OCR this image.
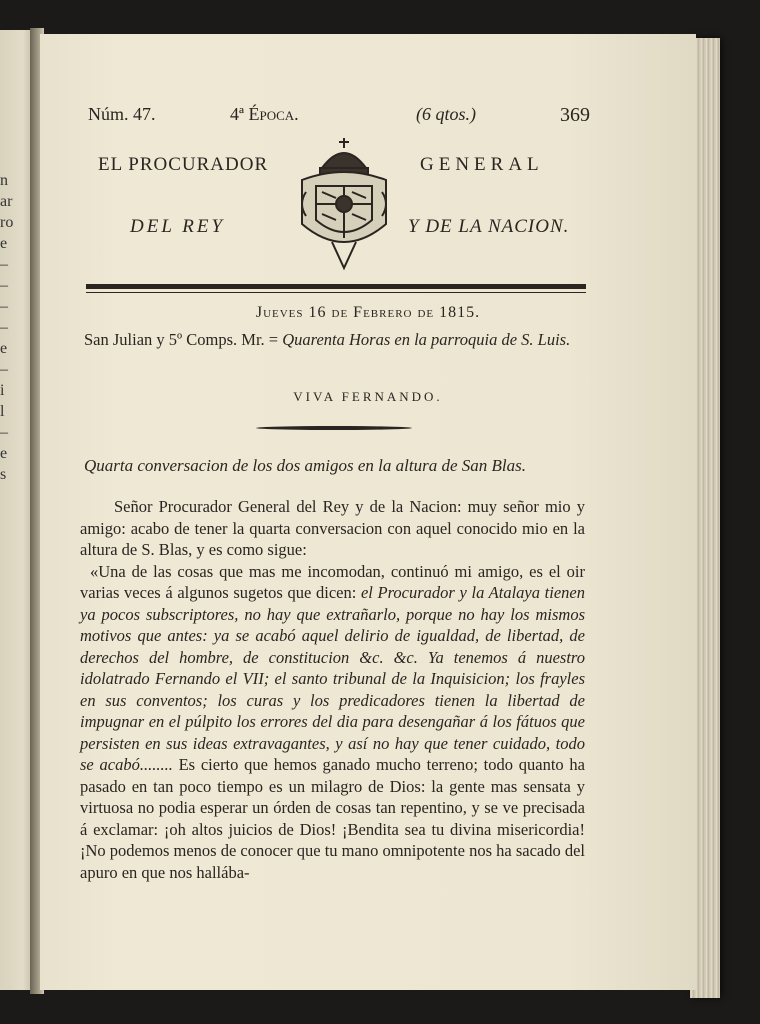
n
ar
ro
e
–
–
–
–
e
–
i
l
–
e
s
Núm. 47.	4ª Época.	(6 qtos.)	369
EL PROCURADOR	GENERAL
DEL REY	Y DE LA NACION.
Jueves 16 de Febrero de 1815.
San Julian y 5º Comps. Mr. = Quarenta Horas en la parroquia de S. Luis.
VIVA FERNANDO.
Quarta conversacion de los dos amigos en la altura de San Blas.

Señor Procurador General del Rey y de la Nacion: muy señor mio y amigo: acabo de tener la quarta conversacion con aquel conocido mio en la altura de S. Blas, y es como sigue:

«Una de las cosas que mas me incomodan, continuó mi amigo, es el oir varias veces á algunos sugetos que dicen: el Procurador y la Atalaya tienen ya pocos subscriptores, no hay que extrañarlo, porque no hay los mismos motivos que antes: ya se acabó aquel delirio de igualdad, de libertad, de derechos del hombre, de constitucion &c. &c. Ya tenemos á nuestro idolatrado Fernando el VII; el santo tribunal de la Inquisicion; los frayles en sus conventos; los curas y los predicadores tienen la libertad de impugnar en el púlpito los errores del dia para desengañar á los fátuos que persisten en sus ideas extravagantes, y así no hay que tener cuidado, todo se acabó........ Es cierto que hemos ganado mucho terreno; todo quanto ha pasado en tan poco tiempo es un milagro de Dios: la gente mas sensata y virtuosa no podia esperar un órden de cosas tan repentino, y se ve precisada á exclamar: ¡oh altos juicios de Dios! ¡Bendita sea tu divina misericordia! ¡No podemos menos de conocer que tu mano omnipotente nos ha sacado del apuro en que nos hallába-
